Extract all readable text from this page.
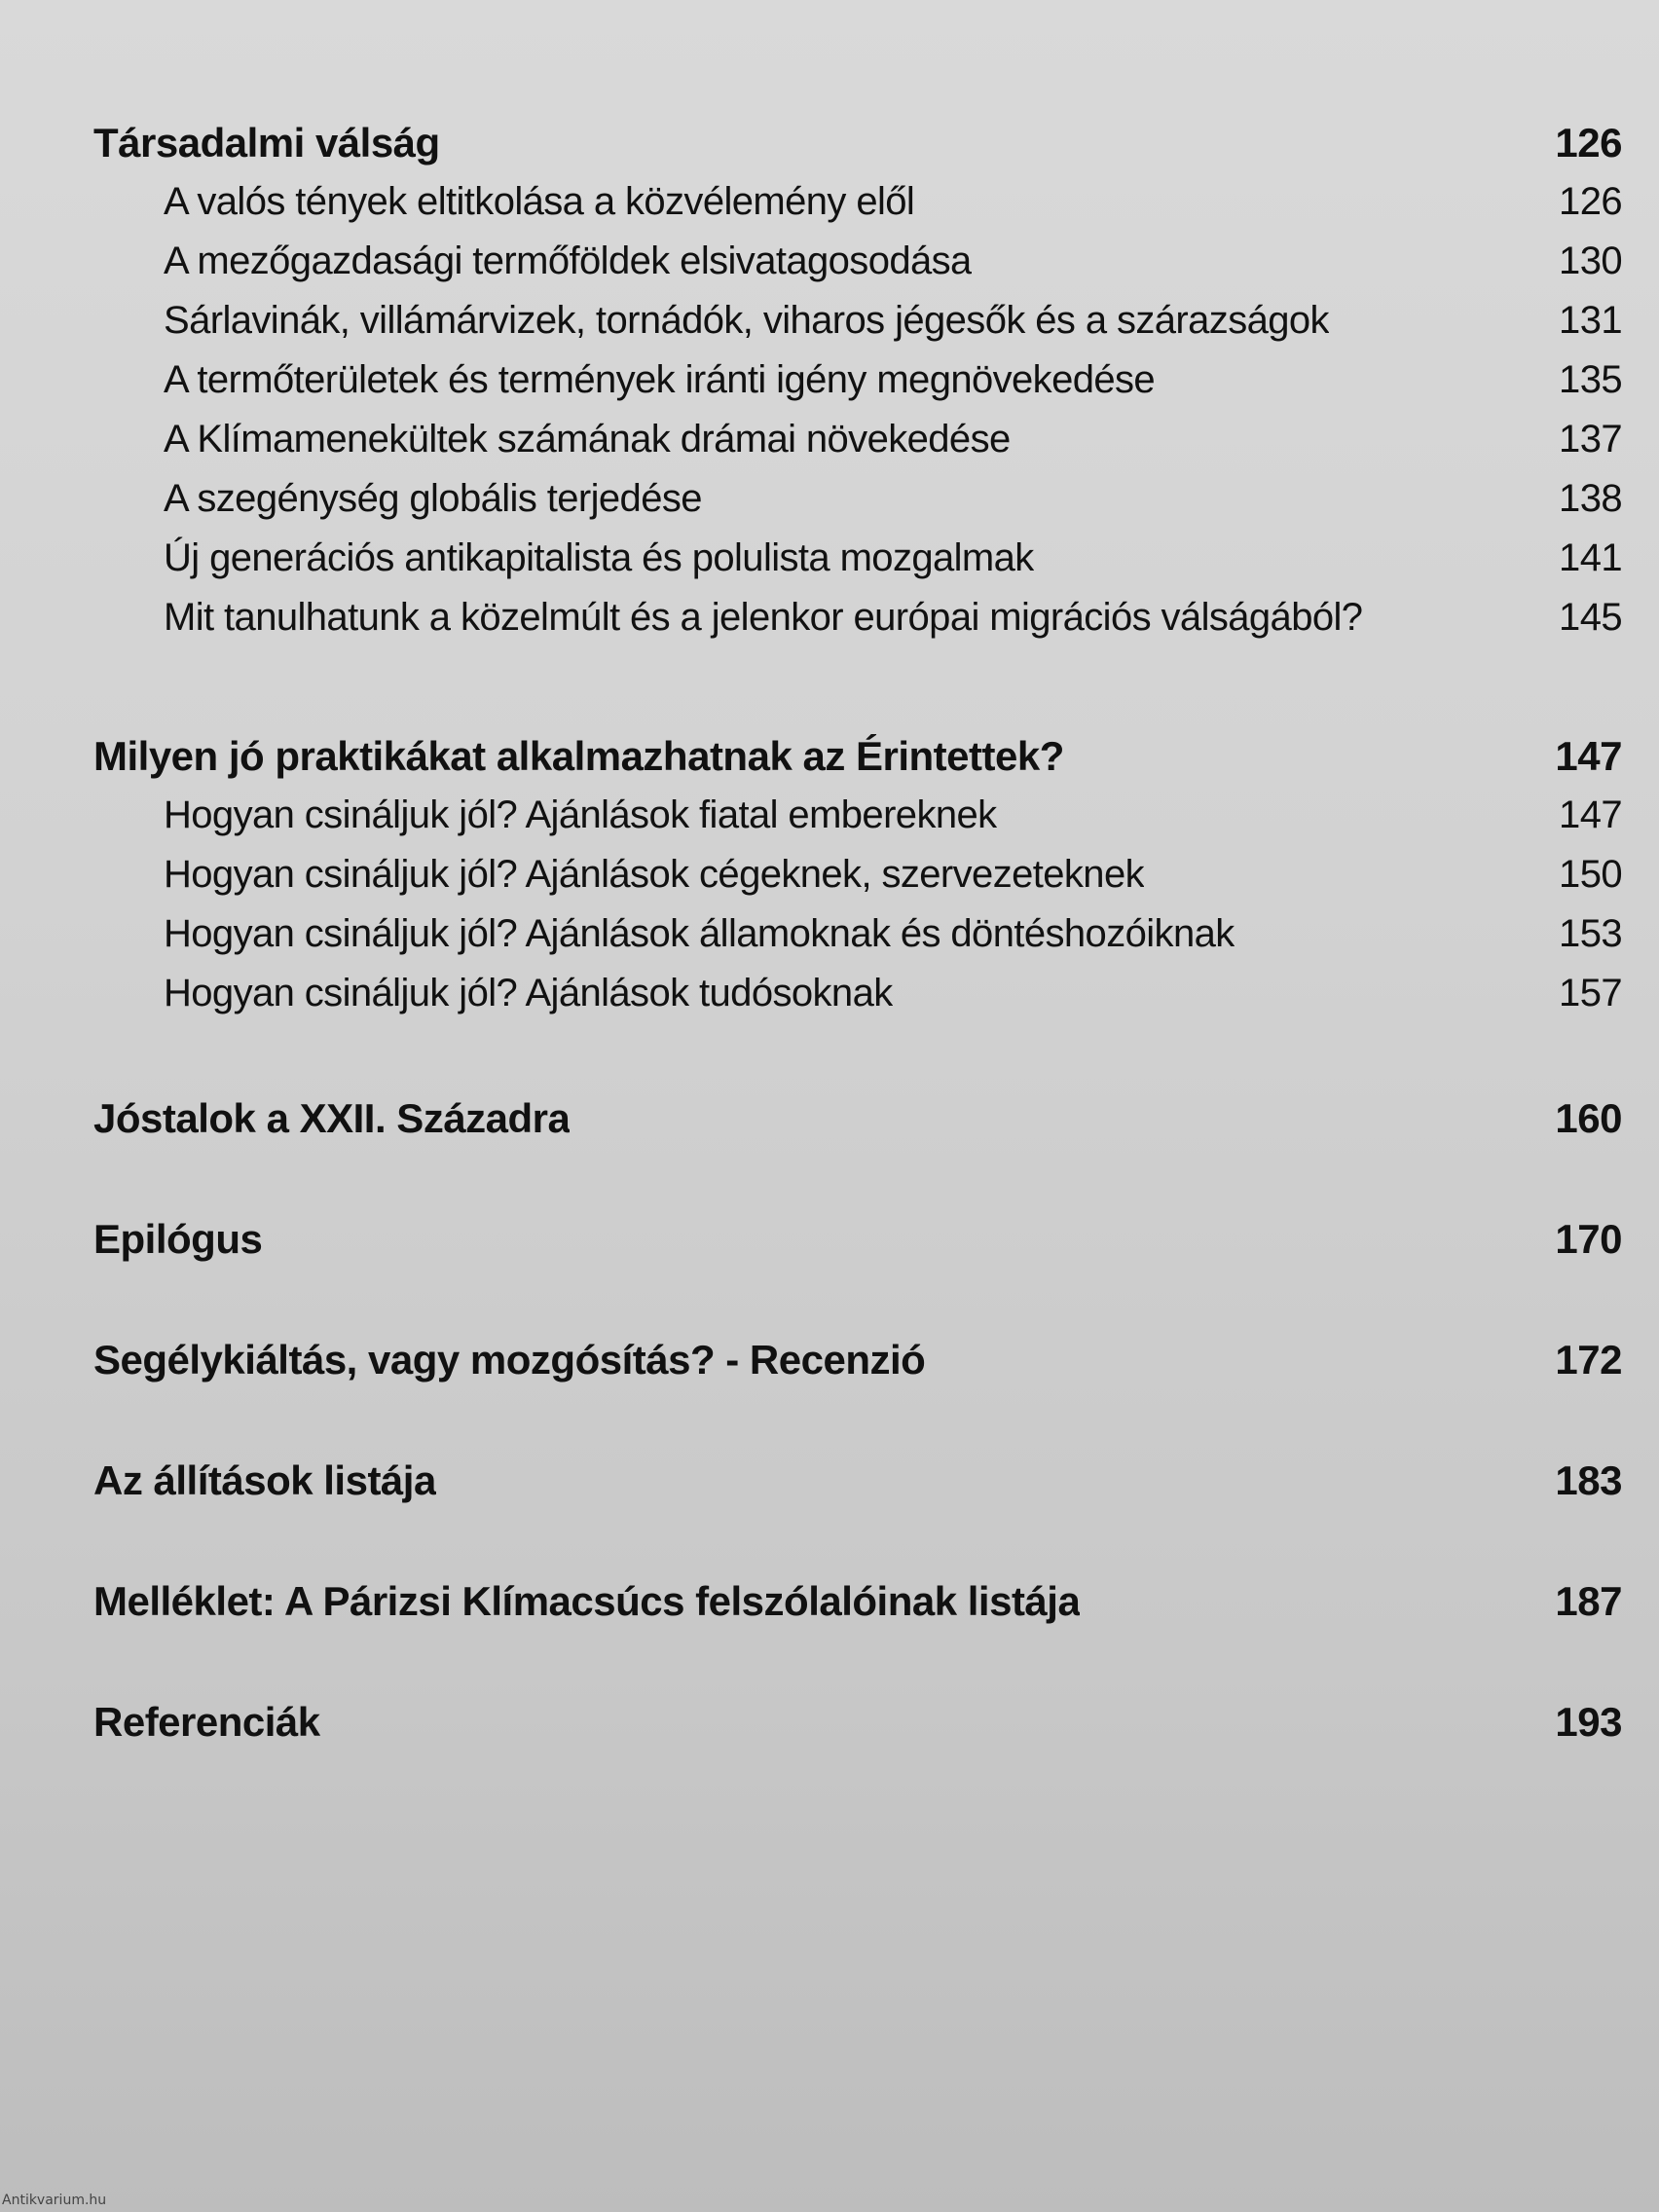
Társadalmi válság	126
A valós tények eltitkolása a közvélemény elől	126
A mezőgazdasági termőföldek elsivatagosodása	130
Sárlavinák, villámárvizek, tornádók, viharos jégesők és a szárazságok	131
A termőterületek és termények iránti igény megnövekedése	135
A Klímamenekültek számának drámai növekedése	137
A szegénység globális terjedése	138
Új generációs antikapitalista és polulista mozgalmak	141
Mit tanulhatunk a közelmúlt és a jelenkor európai migrációs válságából?	145
Milyen jó praktikákat alkalmazhatnak az Érintettek?	147
Hogyan csináljuk jól? Ajánlások fiatal embereknek	147
Hogyan csináljuk jól? Ajánlások cégeknek, szervezeteknek	150
Hogyan csináljuk jól? Ajánlások államoknak és döntéshozóiknak	153
Hogyan csináljuk jól? Ajánlások tudósoknak	157
Jóstalok a XXII. Századra	160
Epilógus	170
Segélykiáltás, vagy mozgósítás? - Recenzió	172
Az állítások listája	183
Melléklet: A Párizsi Klímacsúcs felszólalóinak listája	187
Referenciák	193
Antikvarium.hu
